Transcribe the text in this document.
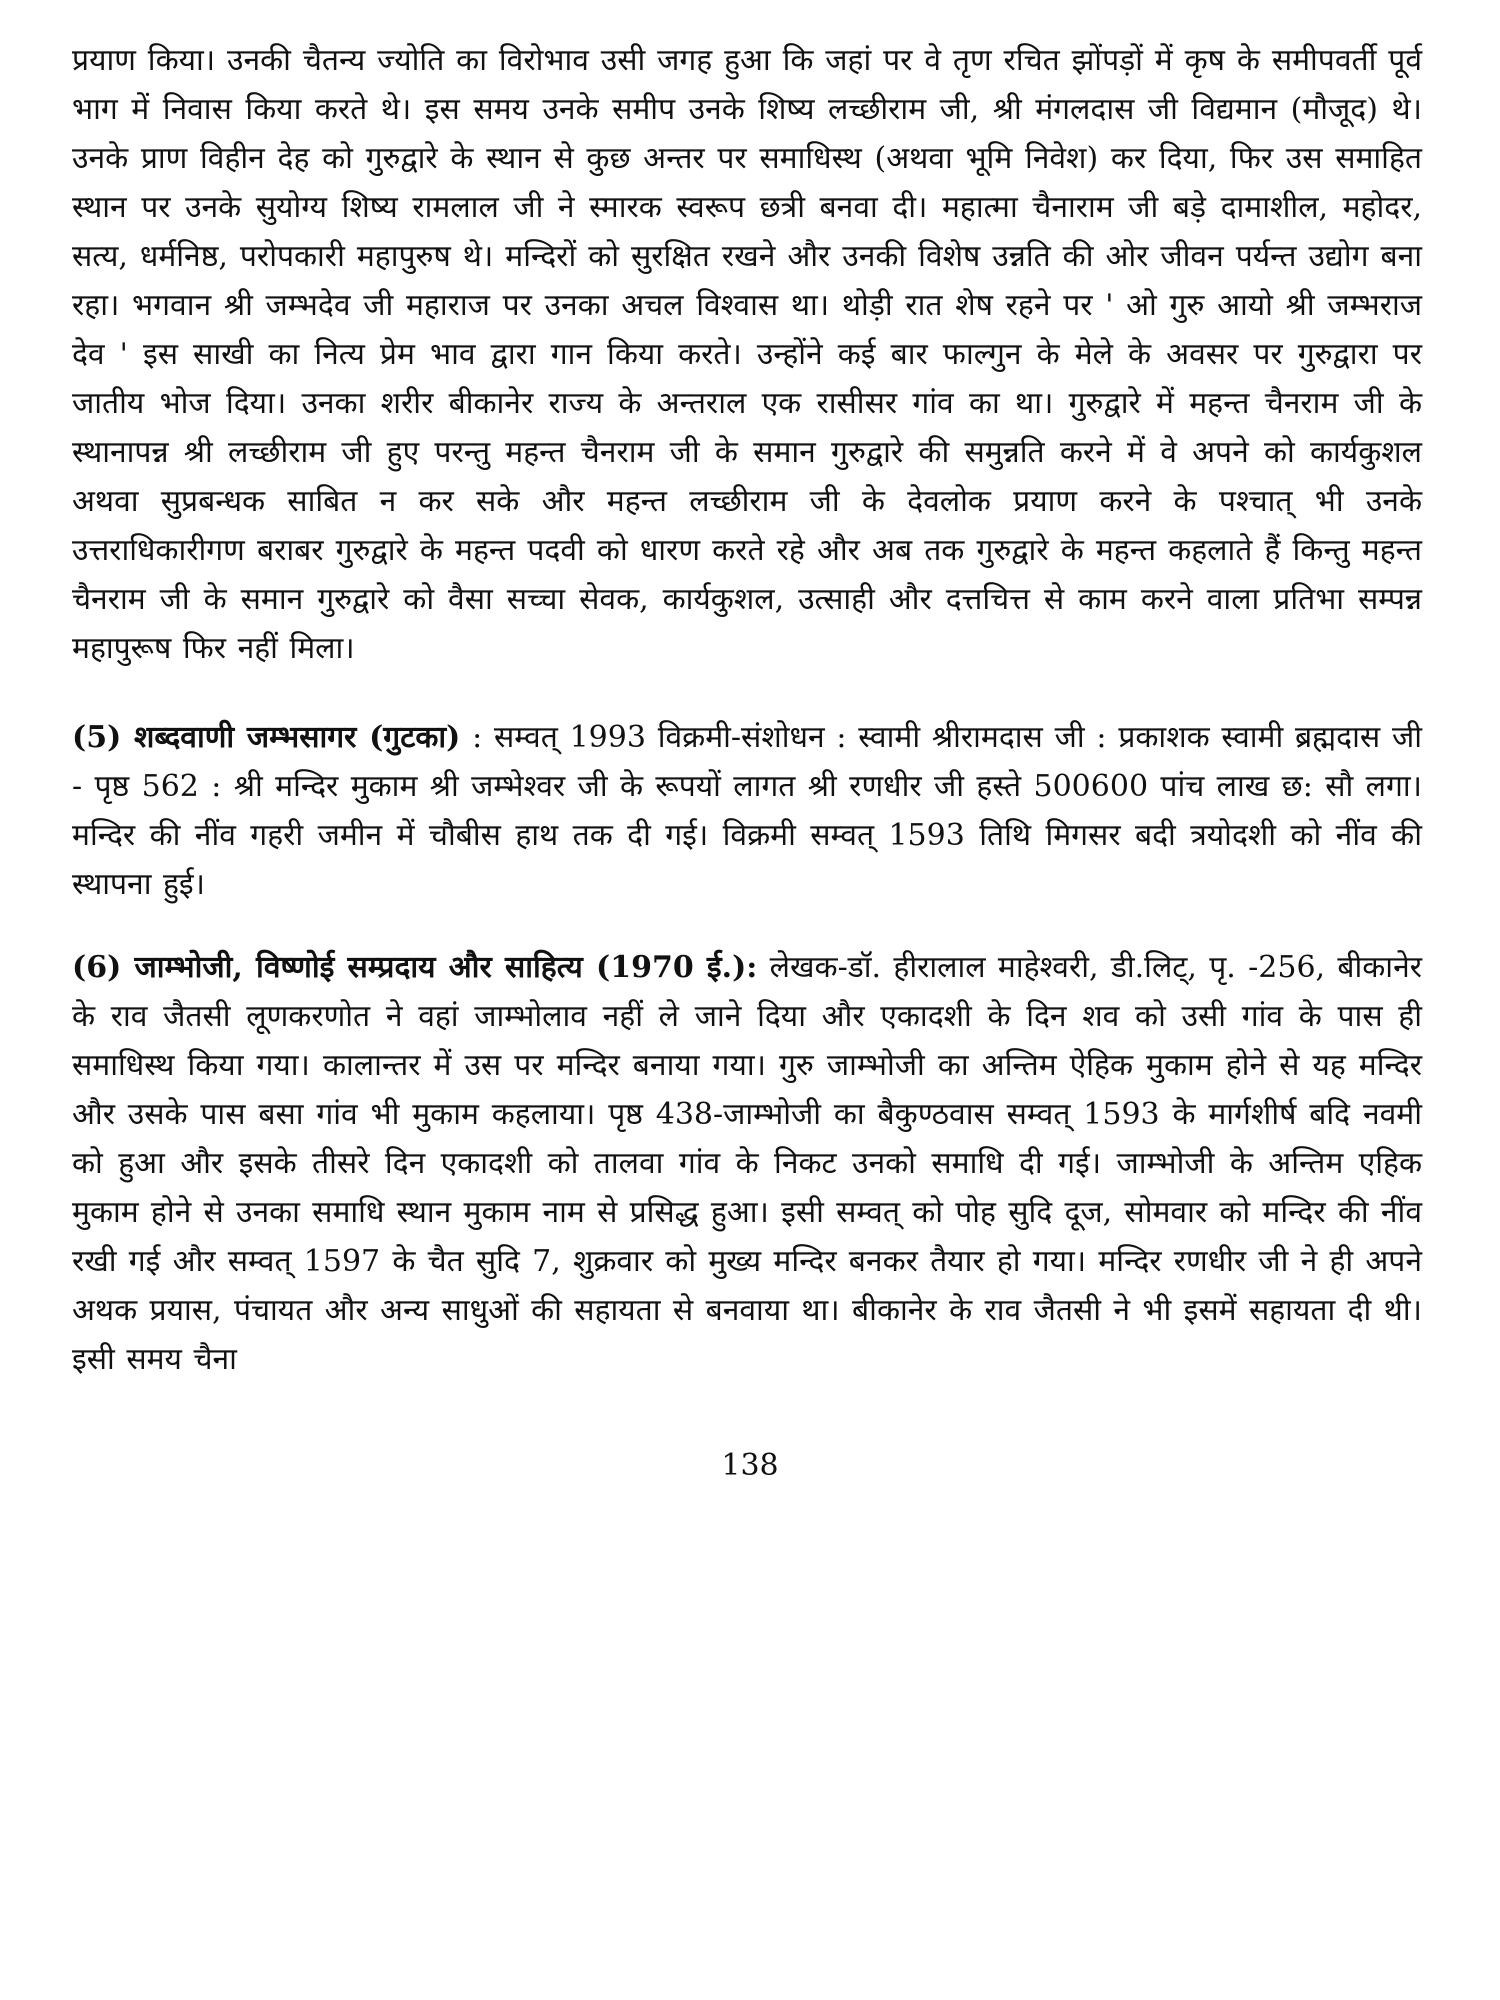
प्रयाण किया। उनकी चैतन्य ज्योति का विरोभाव उसी जगह हुआ कि जहां पर वे तृण रचित झोंपड़ों में कृष के समीपवर्ती पूर्व भाग में निवास किया करते थे। इस समय उनके समीप उनके शिष्य लच्छीराम जी, श्री मंगलदास जी विद्यमान (मौजूद) थे। उनके प्राण विहीन देह को गुरुद्वारे के स्थान से कुछ अन्तर पर समाधिस्थ (अथवा भूमि निवेश) कर दिया, फिर उस समाहित स्थान पर उनके सुयोग्य शिष्य रामलाल जी ने स्मारक स्वरूप छत्री बनवा दी। महात्मा चैनाराम जी बड़े दामाशील, महोदर, सत्य, धर्मनिष्ठ, परोपकारी महापुरुष थे। मन्दिरों को सुरक्षित रखने और उनकी विशेष उन्नति की ओर जीवन पर्यन्त उद्योग बना रहा। भगवान श्री जम्भदेव जी महाराज पर उनका अचल विश्वास था। थोड़ी रात शेष रहने पर ' ओ गुरु आयो श्री जम्भराज देव ' इस साखी का नित्य प्रेम भाव द्वारा गान किया करते। उन्होंने कई बार फाल्गुन के मेले के अवसर पर गुरुद्वारा पर जातीय भोज दिया। उनका शरीर बीकानेर राज्य के अन्तराल एक रासीसर गांव का था। गुरुद्वारे में महन्त चैनराम जी के स्थानापन्न श्री लच्छीराम जी हुए परन्तु महन्त चैनराम जी के समान गुरुद्वारे की समुन्नति करने में वे अपने को कार्यकुशल अथवा सुप्रबन्धक साबित न कर सके और महन्त लच्छीराम जी के देवलोक प्रयाण करने के पश्चात् भी उनके उत्तराधिकारीगण बराबर गुरुद्वारे के महन्त पदवी को धारण करते रहे और अब तक गुरुद्वारे के महन्त कहलाते हैं किन्तु महन्त चैनराम जी के समान गुरुद्वारे को वैसा सच्चा सेवक, कार्यकुशल, उत्साही और दत्तचित्त से काम करने वाला प्रतिभा सम्पन्न महापुरूष फिर नहीं मिला।

(5) शब्दवाणी जम्भसागर (गुटका) : सम्वत् 1993 विक्रमी-संशोधन : स्वामी श्रीरामदास जी : प्रकाशक स्वामी ब्रह्मदास जी - पृष्ठ 562 : श्री मन्दिर मुकाम श्री जम्भेश्वर जी के रूपयों लागत श्री रणधीर जी हस्ते 500600 पांच लाख छ: सौ लगा। मन्दिर की नींव गहरी जमीन में चौबीस हाथ तक दी गई। विक्रमी सम्वत् 1593 तिथि मिगसर बदी त्रयोदशी को नींव की स्थापना हुई।

(6) जाम्भोजी, विष्णोई सम्प्रदाय और साहित्य (1970 ई.): लेखक-डॉ. हीरालाल माहेश्वरी, डी.लिट्, पृ. -256, बीकानेर के राव जैतसी लूणकरणोत ने वहां जाम्भोलाव नहीं ले जाने दिया और एकादशी के दिन शव को उसी गांव के पास ही समाधिस्थ किया गया। कालान्तर में उस पर मन्दिर बनाया गया। गुरु जाम्भोजी का अन्तिम ऐहिक मुकाम होने से यह मन्दिर और उसके पास बसा गांव भी मुकाम कहलाया। पृष्ठ 438-जाम्भोजी का बैकुण्ठवास सम्वत् 1593 के मार्गशीर्ष बदि नवमी को हुआ और इसके तीसरे दिन एकादशी को तालवा गांव के निकट उनको समाधि दी गई। जाम्भोजी के अन्तिम एहिक मुकाम होने से उनका समाधि स्थान मुकाम नाम से प्रसिद्ध हुआ। इसी सम्वत् को पोह सुदि दूज, सोमवार को मन्दिर की नींव रखी गई और सम्वत् 1597 के चैत सुदि 7, शुक्रवार को मुख्य मन्दिर बनकर तैयार हो गया। मन्दिर रणधीर जी ने ही अपने अथक प्रयास, पंचायत और अन्य साधुओं की सहायता से बनवाया था। बीकानेर के राव जैतसी ने भी इसमें सहायता दी थी। इसी समय चैना

138
